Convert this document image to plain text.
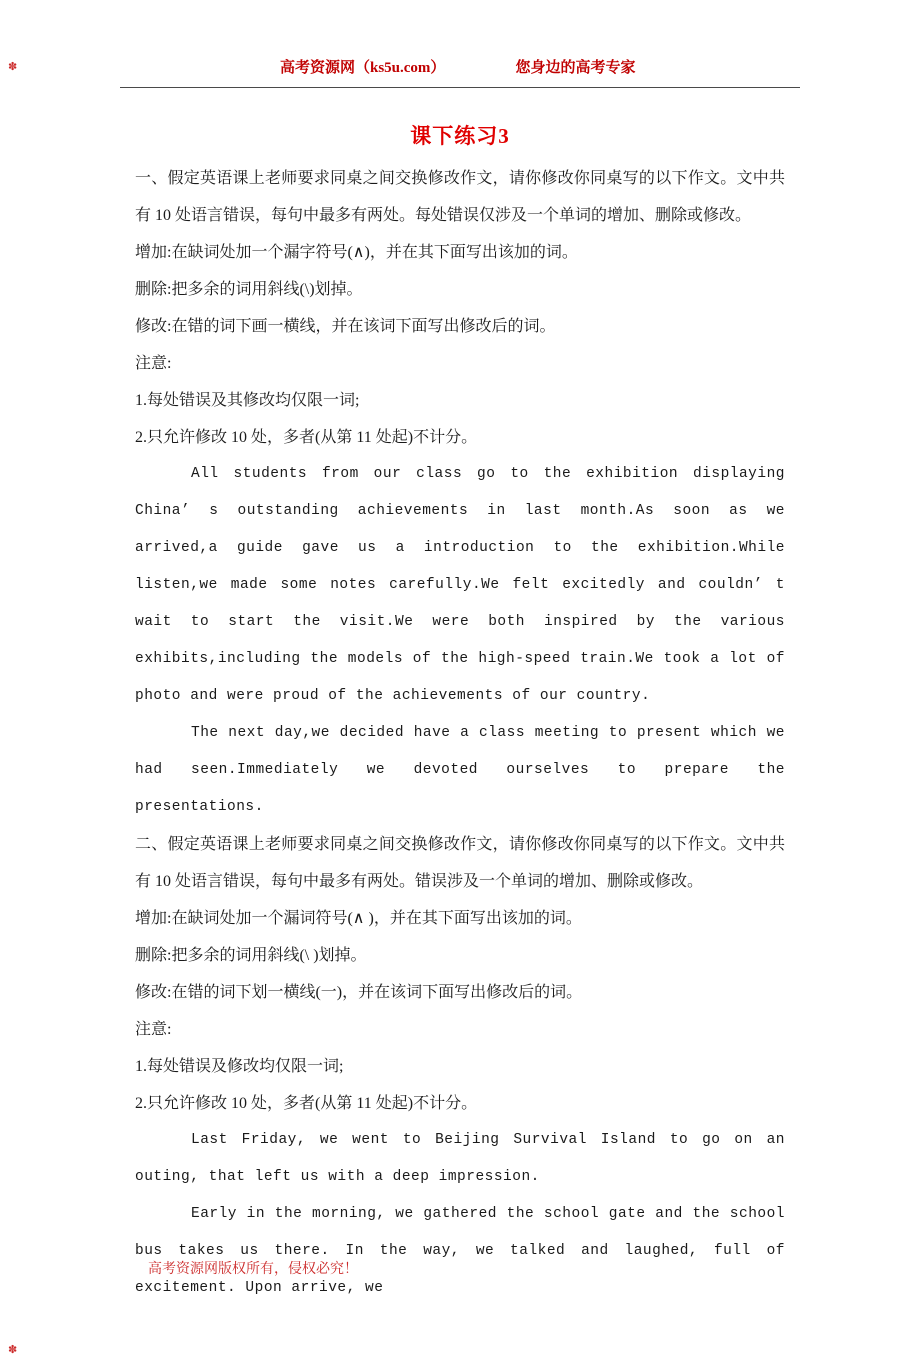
✽	高考资源网（ks5u.com）	您身边的高考专家
课下练习3

一、假定英语课上老师要求同桌之间交换修改作文，请你修改你同桌写的以下作文。文中共有 10 处语言错误，每句中最多有两处。每处错误仅涉及一个单词的增加、删除或修改。

增加:在缺词处加一个漏字符号(∧)，并在其下面写出该加的词。

删除:把多余的词用斜线(\)划掉。

修改:在错的词下画一横线，并在该词下面写出修改后的词。

注意:

1.每处错误及其修改均仅限一词;

2.只允许修改 10 处，多者(从第 11 处起)不计分。

All students from our class go to the exhibition displaying China’ s outstanding achievements in last month.As soon as we arrived,a guide gave us a introduction to the exhibition.While listen,we made some notes carefully.We felt excitedly and couldn’ t wait to start the visit.We were both inspired by the various exhibits,including the models of the high-speed train.We took a lot of photo and were proud of the achievements of our country.

The next day,we decided have a class meeting to present which we had seen.Immediately we devoted ourselves to prepare the presentations.

二、假定英语课上老师要求同桌之间交换修改作文，请你修改你同桌写的以下作文。文中共有 10 处语言错误，每句中最多有两处。错误涉及一个单词的增加、删除或修改。

增加:在缺词处加一个漏词符号(∧ )，并在其下面写出该加的词。

删除:把多余的词用斜线(\ )划掉。

修改:在错的词下划一横线(一)，并在该词下面写出修改后的词。

注意:

1.每处错误及修改均仅限一词;

2.只允许修改 10 处，多者(从第 11 处起)不计分。

Last Friday, we went to Beijing Survival Island to go on an outing, that left us with a deep impression.

Early in the morning, we gathered the school gate and the school bus takes us there. In the way, we talked and laughed, full of excitement. Upon arrive, we

高考资源网版权所有，侵权必究！
✽
